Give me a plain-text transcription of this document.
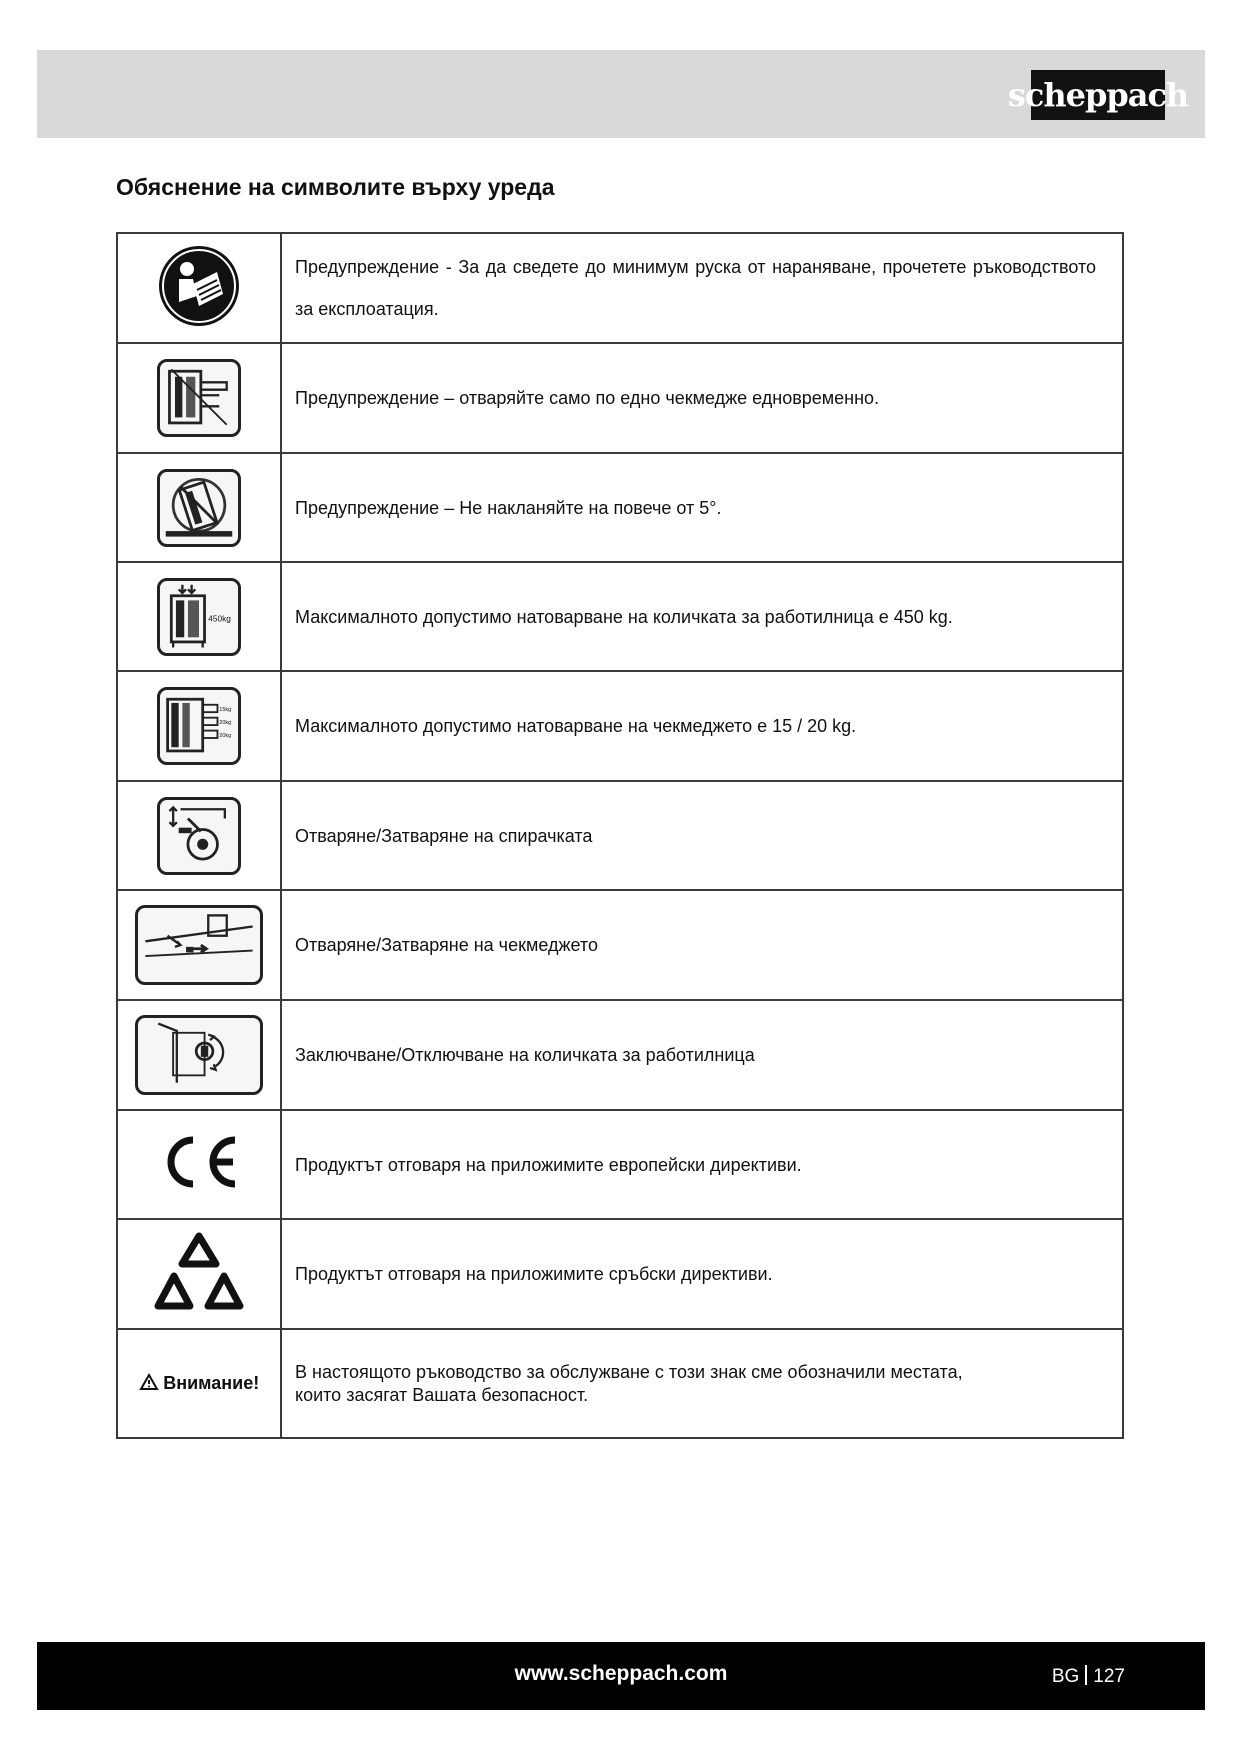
scheppach
Обяснение на символите върху уреда
	Предупреждение - За да сведете до минимум руска от нараняване, прочетете ръководството за експлоатация.

	Предупреждение – отваряйте само по едно чекмедже едновременно.

	Предупреждение – Не накланяйте на повече от 5°.

450kg	Максималното допустимо натоварване на количката за работилница е 450 kg.

15kg
20kg
20kg	Максималното допустимо натоварване на чекмеджето е 15 / 20 kg.

	Отваряне/Затваряне на спирачката

	Отваряне/Затваряне на чекмеджето

	Заключване/Отключване на количката за работилница
	Продуктът отговаря на приложимите европейски директиви.
	Продуктът отговаря на приложимите сръбски директиви.
Внимание!	В настоящото ръководство за обслужване с този знак сме обозначили местата,
които засягат Вашата безопасност.
www.scheppach.com	BG 127
